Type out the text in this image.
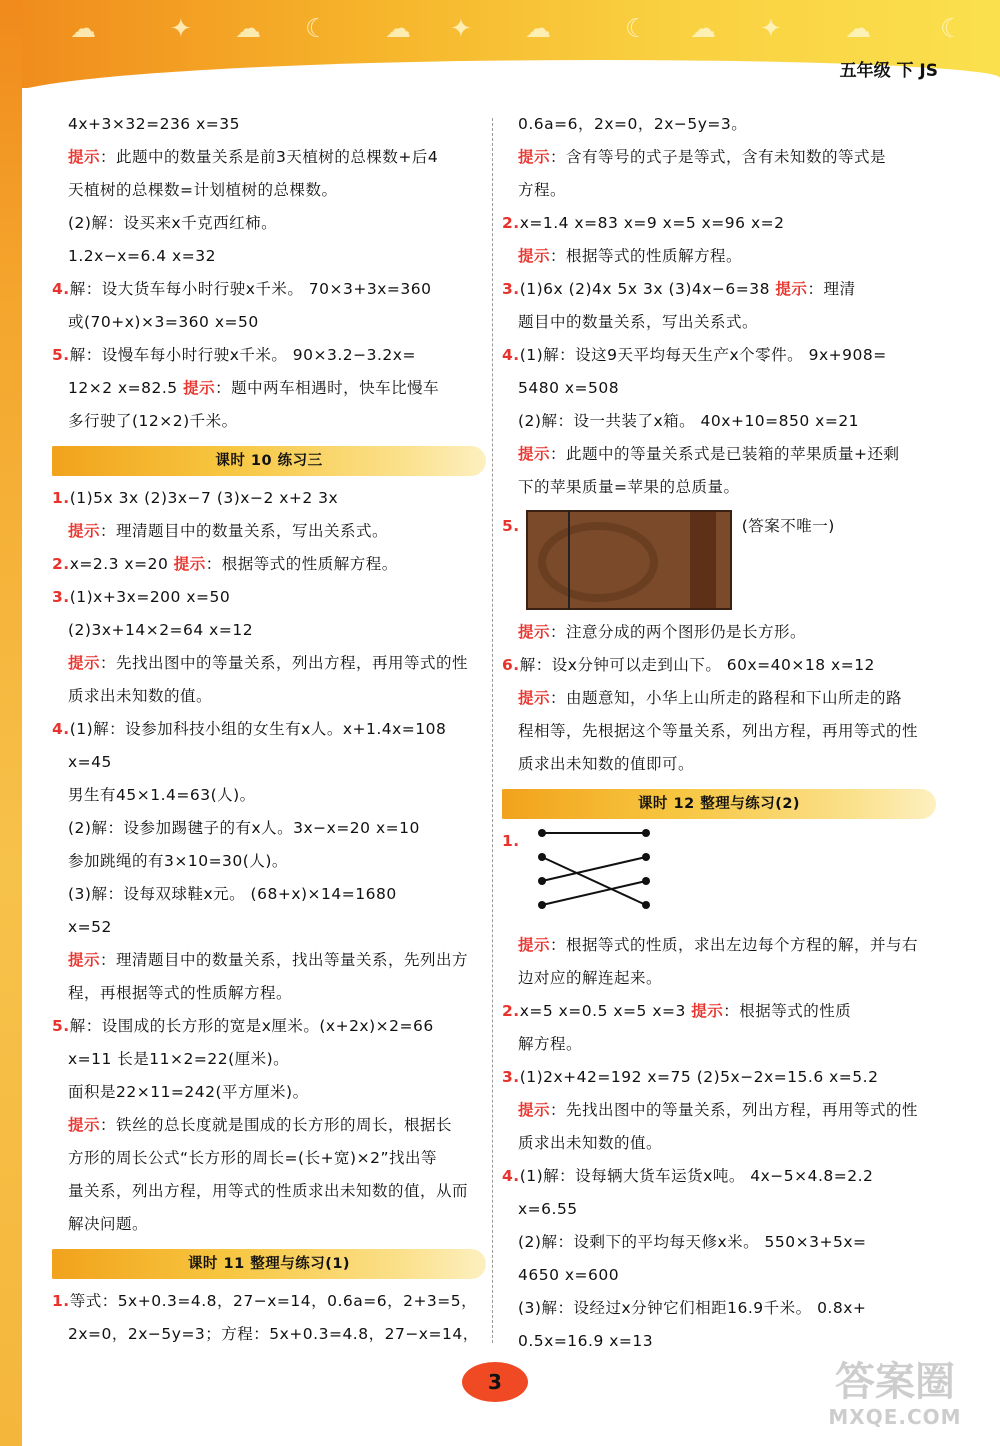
☁	✦ ☁ ☾ ☁ ✦ ☁	☾ ☁ ✦ ☁	☾
五年级 下 JS
4x+3×32=236 x=35
提示：此题中的数量关系是前3天植树的总棵数+后4
天植树的总棵数=计划植树的总棵数。
(2)解：设买来x千克西红柿。
1.2x−x=6.4 x=32
4.解：设大货车每小时行驶x千米。 70×3+3x=360
或(70+x)×3=360 x=50
5.解：设慢车每小时行驶x千米。 90×3.2−3.2x=
12×2 x=82.5 提示：题中两车相遇时，快车比慢车
多行驶了(12×2)千米。
课时 10 练习三
1.(1)5x 3x (2)3x−7 (3)x−2 x+2 3x
提示：理清题目中的数量关系，写出关系式。
2.x=2.3 x=20 提示：根据等式的性质解方程。
3.(1)x+3x=200 x=50
(2)3x+14×2=64 x=12
提示：先找出图中的等量关系，列出方程，再用等式的性
质求出未知数的值。
4.(1)解：设参加科技小组的女生有x人。x+1.4x=108
x=45
男生有45×1.4=63(人)。
(2)解：设参加踢毽子的有x人。3x−x=20 x=10
参加跳绳的有3×10=30(人)。
(3)解：设每双球鞋x元。 (68+x)×14=1680
x=52
提示：理清题目中的数量关系，找出等量关系，先列出方
程，再根据等式的性质解方程。
5.解：设围成的长方形的宽是x厘米。(x+2x)×2=66
x=11 长是11×2=22(厘米)。
面积是22×11=242(平方厘米)。
提示：铁丝的总长度就是围成的长方形的周长，根据长
方形的周长公式“长方形的周长=(长+宽)×2”找出等
量关系，列出方程，用等式的性质求出未知数的值，从而
解决问题。
课时 11 整理与练习(1)
1.等式：5x+0.3=4.8，27−x=14，0.6a=6，2+3=5，
2x=0，2x−5y=3；方程：5x+0.3=4.8，27−x=14，
0.6a=6，2x=0，2x−5y=3。
提示：含有等号的式子是等式，含有未知数的等式是
方程。
2.x=1.4 x=83 x=9 x=5 x=96 x=2
提示：根据等式的性质解方程。
3.(1)6x (2)4x 5x 3x (3)4x−6=38 提示：理清
题目中的数量关系，写出关系式。
4.(1)解：设这9天平均每天生产x个零件。 9x+908=
5480 x=508
(2)解：设一共装了x箱。 40x+10=850 x=21
提示：此题中的等量关系式是已装箱的苹果质量+还剩
下的苹果质量=苹果的总质量。
5.	(答案不唯一)
提示：注意分成的两个图形仍是长方形。
6.解：设x分钟可以走到山下。 60x=40×18 x=12
提示：由题意知，小华上山所走的路程和下山所走的路
程相等，先根据这个等量关系，列出方程，再用等式的性
质求出未知数的值即可。
课时 12 整理与练习(2)
1.
提示：根据等式的性质，求出左边每个方程的解，并与右
边对应的解连起来。
2.x=5 x=0.5 x=5 x=3 提示：根据等式的性质
解方程。
3.(1)2x+42=192 x=75 (2)5x−2x=15.6 x=5.2
提示：先找出图中的等量关系，列出方程，再用等式的性
质求出未知数的值。
4.(1)解：设每辆大货车运货x吨。 4x−5×4.8=2.2
x=6.55
(2)解：设剩下的平均每天修x米。 550×3+5x=
4650 x=600
(3)解：设经过x分钟它们相距16.9千米。 0.8x+
0.5x=16.9 x=13
3	答案圈
MXQE.COM
